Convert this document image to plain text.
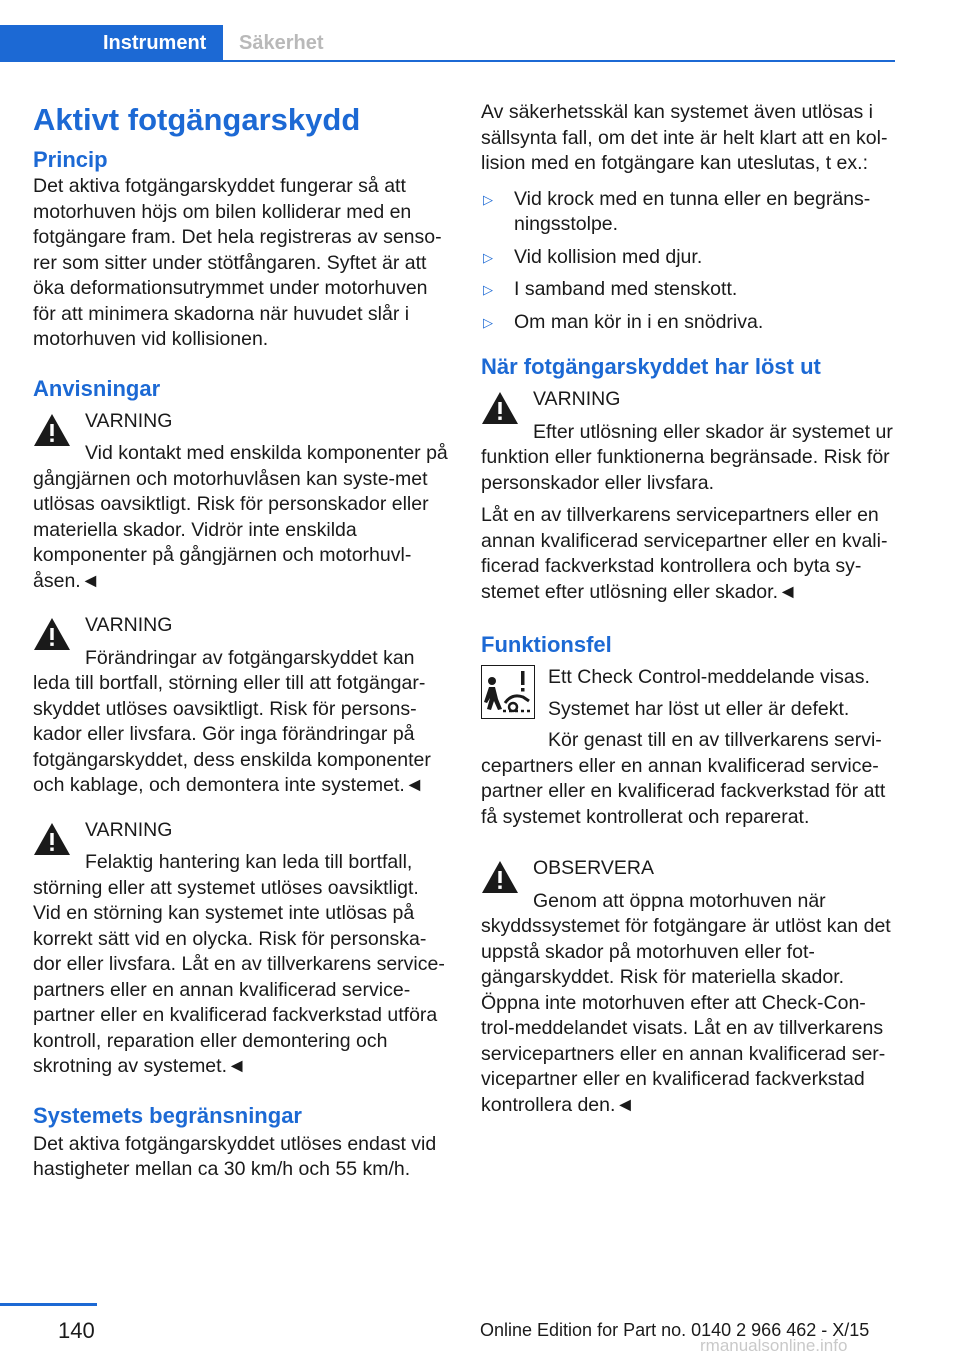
Instrument	Säkerhet
Aktivt fotgängarskydd
Princip

Det aktiva fotgängarskyddet fungerar så att motorhuven höjs om bilen kolliderar med en fotgängare fram. Det hela registreras av senso‐rer som sitter under stötfångaren. Syftet är att öka deformationsutrymmet under motorhuven för att minimera skadorna när huvudet slår i motorhuven vid kollisionen.

Anvisningar

VARNING

Vid kontakt med enskilda komponenter på gångjärnen och motorhuvlåsen kan syste‐met utlösas oavsiktligt. Risk för personskador eller materiella skador. Vidrör inte enskilda komponenter på gångjärnen och motorhuvl‐åsen.◄

VARNING

Förändringar av fotgängarskyddet kan leda till bortfall, störning eller till att fotgängar‐skyddet utlöses oavsiktligt. Risk för persons‐kador eller livsfara. Gör inga förändringar på fotgängarskyddet, dess enskilda komponenter och kablage, och demontera inte systemet.◄

VARNING

Felaktig hantering kan leda till bortfall, störning eller att systemet utlöses oavsiktligt. Vid en störning kan systemet inte utlösas på korrekt sätt vid en olycka. Risk för personska‐dor eller livsfara. Låt en av tillverkarens service‐partners eller en annan kvalificerad service‐partner eller en kvalificerad fackverkstad utföra kontroll, reparation eller demontering och skrotning av systemet.◄

Systemets begränsningar

Det aktiva fotgängarskyddet utlöses endast vid hastigheter mellan ca 30 km/h och 55 km/h.

Av säkerhetsskäl kan systemet även utlösas i sällsynta fall, om det inte är helt klart att en kol‐lision med en fotgängare kan uteslutas, t ex.:

▷ Vid krock med en tunna eller en begräns‐ningsstolpe.
▷ Vid kollision med djur.
▷ I samband med stenskott.
▷ Om man kör in i en snödriva.
När fotgängarskyddet har löst ut

VARNING

Efter utlösning eller skador är systemet ur funktion eller funktionerna begränsade. Risk för personskador eller livsfara.

Låt en av tillverkarens servicepartners eller en annan kvalificerad servicepartner eller en kvali‐ficerad fackverkstad kontrollera och byta sy‐stemet efter utlösning eller skador.◄

Funktionsfel

Ett Check Control-meddelande visas.

Systemet har löst ut eller är defekt.

Kör genast till en av tillverkarens servi‐cepartners eller en annan kvalificerad service‐partner eller en kvalificerad fackverkstad för att få systemet kontrollerat och reparerat.

OBSERVERA

Genom att öppna motorhuven när skyddssystemet för fotgängare är utlöst kan det uppstå skador på motorhuven eller fot‐gängarskyddet. Risk för materiella skador. Öppna inte motorhuven efter att Check-Con‐trol-meddelandet visats. Låt en av tillverkarens servicepartners eller en annan kvalificerad ser‐vicepartner eller en kvalificerad fackverkstad kontrollera den.◄

140	Online Edition for Part no. 0140 2 966 462 - X/15
rmanualsonline.info
